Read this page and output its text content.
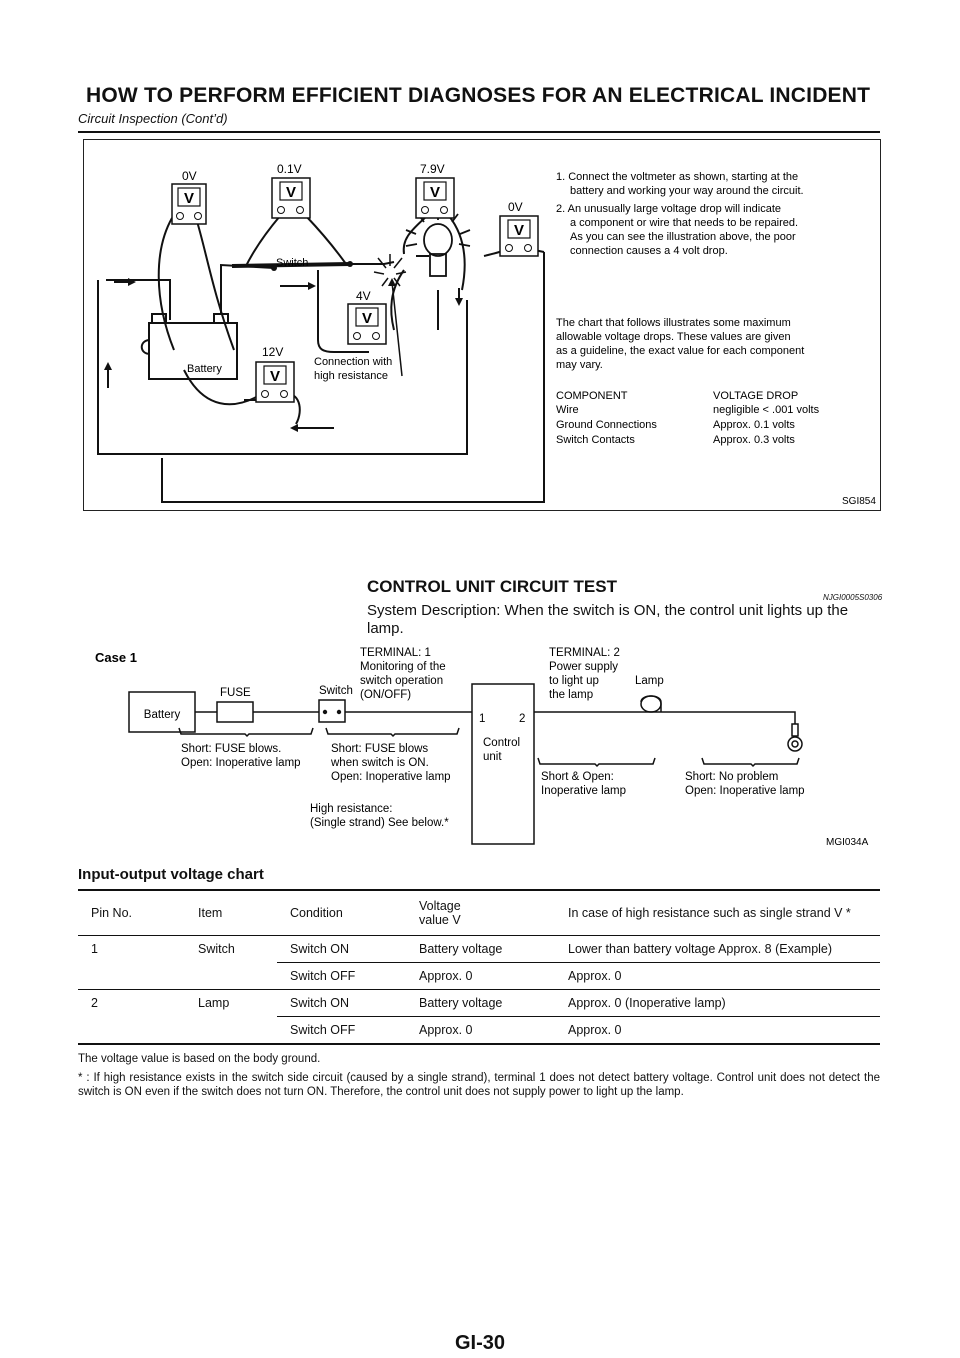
HOW TO PERFORM EFFICIENT DIAGNOSES FOR AN ELECTRICAL INCIDENT
Circuit Inspection (Cont’d)
V
0V
V
0.1V
V
7.9V
V
0V
V
4V
V
12V
Switch
Battery
Connection with
high resistance
1. Connect the voltmeter as shown, starting at the
battery and working your way around the circuit.
2. An unusually large voltage drop will indicate
a component or wire that needs to be repaired.
As you can see the illustration above, the poor
connection causes a 4 volt drop.
The chart that follows illustrates some maximum
allowable voltage drops. These values are given
as a guideline, the exact value for each component
may vary.
COMPONENT	VOLTAGE DROP
Wire	negligible < .001 volts
Ground Connections	Approx. 0.1 volts
Switch Contacts	Approx. 0.3 volts
SGI854
CONTROL UNIT CIRCUIT TEST
NJGI0005S0306
System Description: When the switch is ON, the control unit lights up the lamp.
Case 1
Battery
FUSE	Switch
Lamp
TERMINAL: 1
Monitoring of the
switch operation
(ON/OFF)
TERMINAL: 2
Power supply
to light up
the lamp
1	2
Control
unit
Short: FUSE blows.
Open: Inoperative lamp
Short: FUSE blows
when switch is ON.
Open: Inoperative lamp
High resistance:
(Single strand) See below.*
Short & Open:
Inoperative lamp
Short: No problem
Open: Inoperative lamp
MGI034A
Input-output voltage chart
Pin No.	Item	Condition	Voltage
value V	In case of high resistance such as single strand V *
1	Switch	Switch ON	Battery voltage	Lower than battery voltage Approx. 8 (Example)
		Switch OFF	Approx. 0	Approx. 0
2	Lamp	Switch ON	Battery voltage	Approx. 0 (Inoperative lamp)
		Switch OFF	Approx. 0	Approx. 0
The voltage value is based on the body ground.
* : If high resistance exists in the switch side circuit (caused by a single strand), terminal 1 does not detect battery voltage. Control unit does not detect the switch is ON even if the switch does not turn ON. Therefore, the control unit does not supply power to light up the lamp.
GI-30
